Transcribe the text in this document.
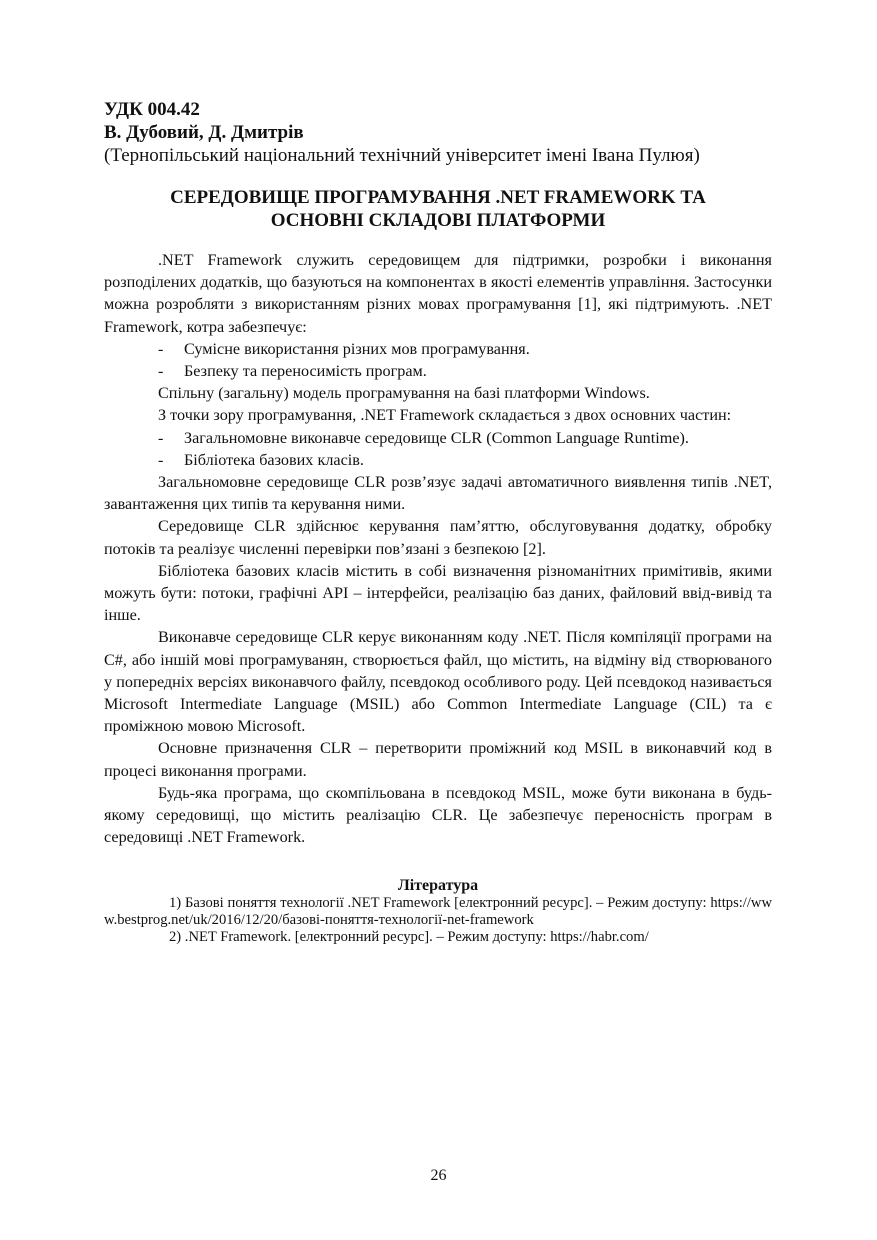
УДК 004.42
В. Дубовий, Д. Дмитрів
(Тернопільський національний технічний університет імені Івана Пулюя)
СЕРЕДОВИЩЕ ПРОГРАМУВАННЯ .NET FRAMEWORK ТА
ОСНОВНІ СКЛАДОВІ ПЛАТФОРМИ

.NET Framework служить середовищем для підтримки, розробки і виконання розподілених додатків, що базуються на компонентах в якості елементів управління. Застосунки можна розробляти з використанням різних мовах програмування [1], які підтримують. .NET Framework, котра забезпечує:

-	Сумісне використання різних мов програмування.
-	Безпеку та переносимість програм.

Спільну (загальну) модель програмування на базі платформи Windows.

З точки зору програмування, .NET Framework складається з двох основних частин:

-	Загальномовне виконавче середовище CLR (Common Language Runtime).
-	Бібліотека базових класів.

Загальномовне середовище CLR розв’язує задачі автоматичного виявлення типів .NET, завантаження цих типів та керування ними.

Середовище CLR здійснює керування пам’яттю, обслуговування додатку, обробку потоків та реалізує численні перевірки пов’язані з безпекою [2].

Бібліотека базових класів містить в собі визначення різноманітних примітивів, якими можуть бути: потоки, графічні API – інтерфейси, реалізацію баз даних, файловий ввід-вивід та інше.

Виконавче середовище CLR керує виконанням коду .NET. Після компіляції програми на C#, або іншій мові програмуванян, створюється файл, що містить, на відміну від створюваного у попередніх версіях виконавчого файлу, псевдокод особливого роду. Цей псевдокод називається Microsoft Intermediate Language (MSIL) або Common Intermediate Language (CIL) та є проміжною мовою Microsoft.

Основне призначення CLR – перетворити проміжний код MSIL в виконавчий код в процесі виконання програми.

Будь-яка програма, що скомпільована в псевдокод MSIL, може бути виконана в будь-якому середовищі, що містить реалізацію CLR. Це забезпечує переносність програм в середовищі .NET Framework.

Література

1) Базові поняття технології .NET Framework [електронний ресурс]. – Режим доступу: https://www.bestprog.net/uk/2016/12/20/базові-поняття-технології-net-framework

2) .NET Framework. [електронний ресурс]. – Режим доступу: https://habr.com/

26
